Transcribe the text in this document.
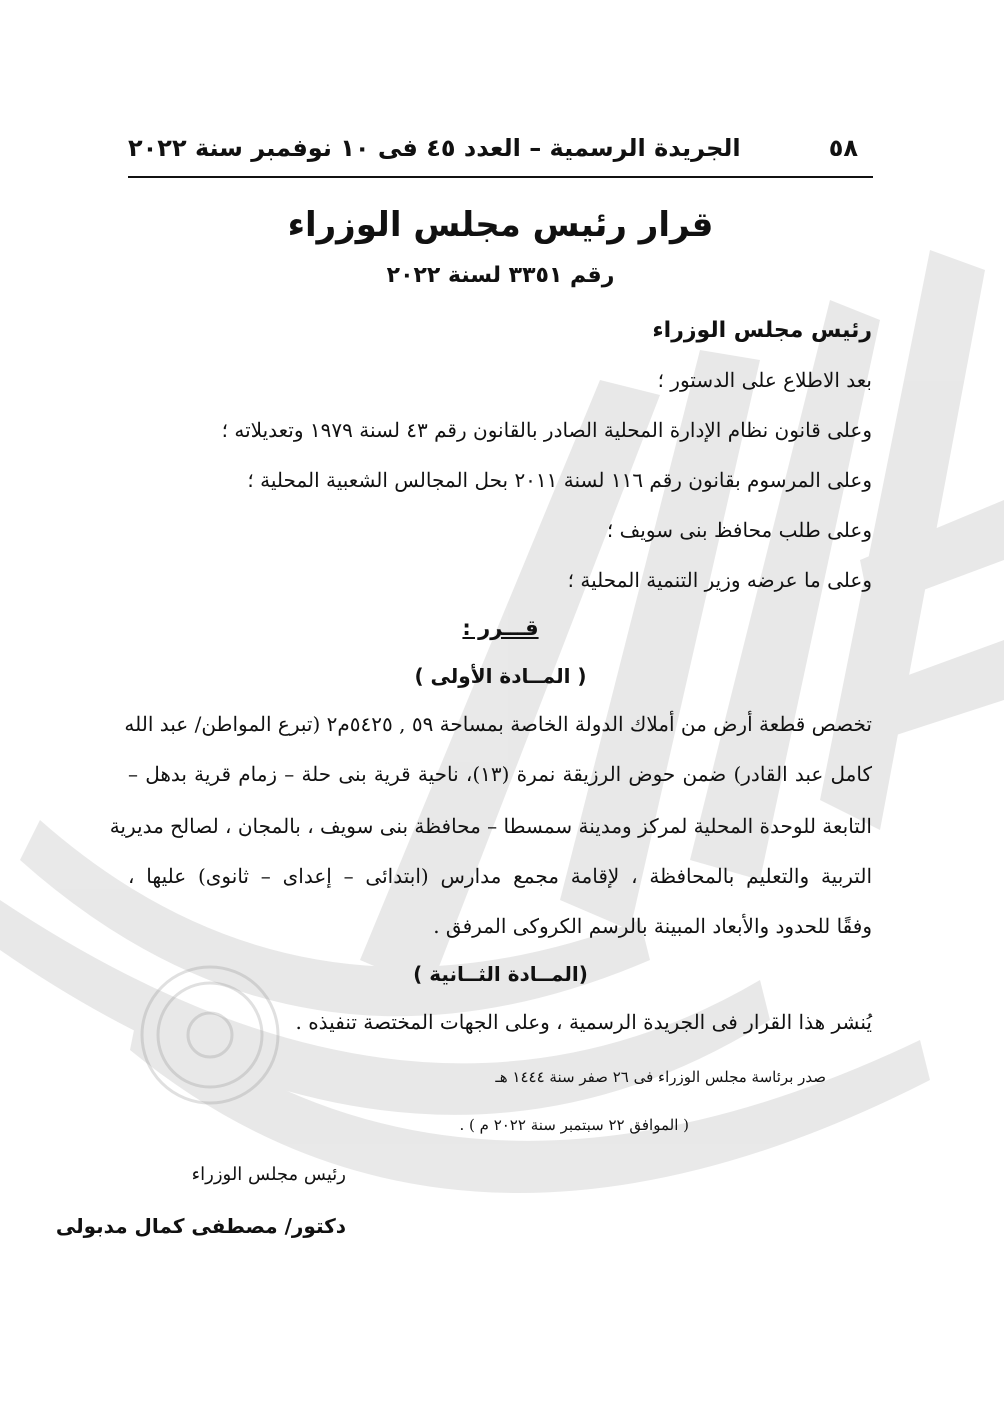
٥٨
الجريدة الرسمية – العدد ٤٥ فى ١٠ نوفمبر سنة ٢٠٢٢
قرار رئيس مجلس الوزراء
رقم ٣٣٥١ لسنة ٢٠٢٢
رئيس مجلس الوزراء
بعد الاطلاع على الدستور ؛
وعلى قانون نظام الإدارة المحلية الصادر بالقانون رقم ٤٣ لسنة ١٩٧٩ وتعديلاته ؛
وعلى المرسوم بقانون رقم ١١٦ لسنة ٢٠١١ بحل المجالس الشعبية المحلية ؛
وعلى طلب محافظ بنى سويف ؛
وعلى ما عرضه وزير التنمية المحلية ؛
قـــرر :
( المــادة الأولى )
تخصص قطعة أرض من أملاك الدولة الخاصة بمساحة ٥٩ , ٥٤٢٥م٢ (تبرع المواطن/ عبد الله
كامل عبد القادر) ضمن حوض الرزيقة نمرة (١٣)، ناحية قرية بنى حلة – زمام قرية بدهل –
التابعة للوحدة المحلية لمركز ومدينة سمسطا – محافظة بنى سويف ، بالمجان ، لصالح مديرية
التربية والتعليم بالمحافظة ، لإقامة مجمع مدارس (ابتدائى – إعداى – ثانوى) عليها ،
وفقًا للحدود والأبعاد المبينة بالرسم الكروكى المرفق .
(المــادة الثــانية )
يُنشر هذا القرار فى الجريدة الرسمية ، وعلى الجهات المختصة تنفيذه .
صدر برئاسة مجلس الوزراء فى ٢٦ صفر سنة ١٤٤٤ هـ
( الموافق ٢٢ سبتمبر سنة ٢٠٢٢ م ) .
رئيس مجلس الوزراء
دكتور/ مصطفى كمال مدبولى
